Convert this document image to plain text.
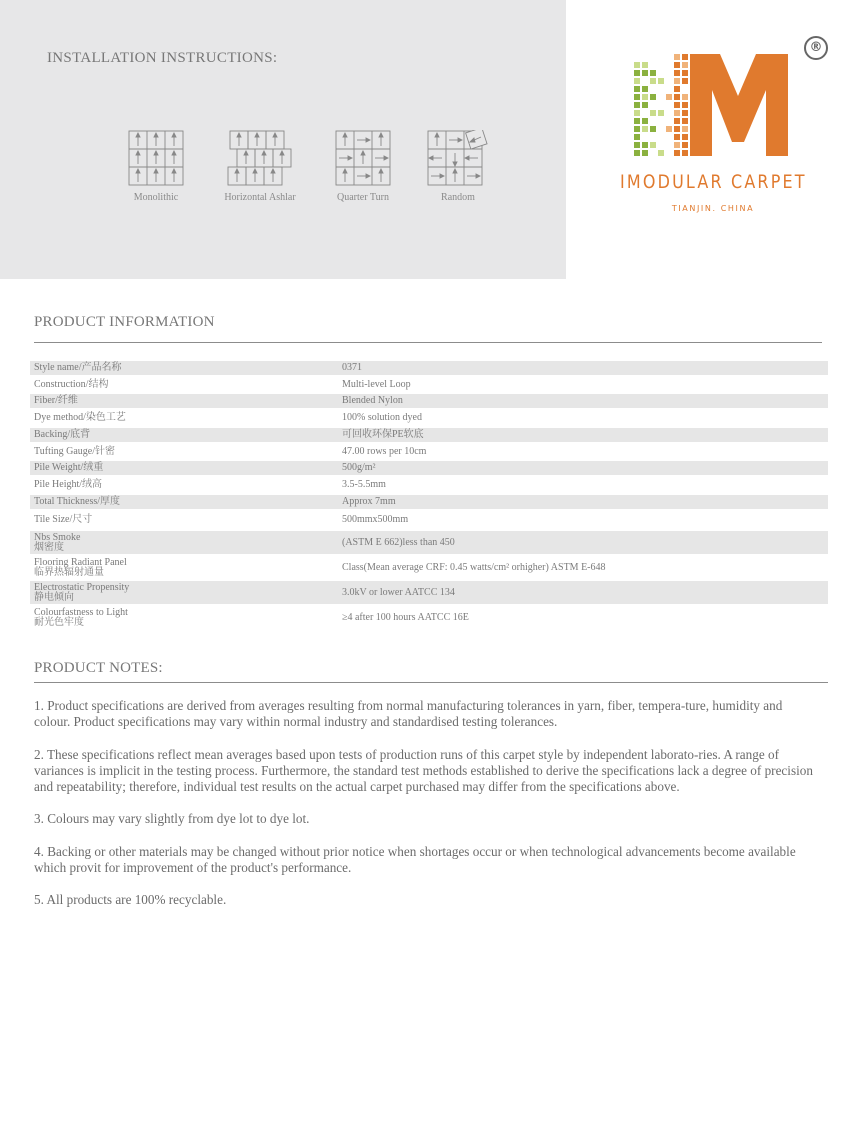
INSTALLATION INSTRUCTIONS:
Monolithic	Horizontal Ashlar	Quarter Turn	Random
®
IMODULAR CARPET
TIANJIN. CHINA
PRODUCT INFORMATION
Style name/产品名称	0371
Construction/结构	Multi-level Loop
Fiber/纤维	Blended Nylon
Dye method/染色工艺	100% solution dyed
Backing/底背	可回收环保PE软底
Tufting Gauge/针密	47.00 rows per 10cm
Pile Weight/绒重	500g/m²
Pile Height/绒高	3.5-5.5mm
Total Thickness/厚度	Approx 7mm
Tile Size/尺寸	500mmx500mm
Nbs Smoke
烟密度	(ASTM E 662)less than 450
Flooring Radiant Panel
临界热辐射通量	Class(Mean average CRF: 0.45 watts/cm² orhigher) ASTM E-648
Electrostatic Propensity
静电倾向	3.0kV or lower AATCC 134
Colourfastness to Light
耐光色牢度	≥4 after 100 hours AATCC 16E
PRODUCT NOTES:

1. Product specifications are derived from averages resulting from normal manufacturing tolerances in yarn, fiber, tempera-ture, humidity and colour. Product specifications may vary within normal industry and standardised testing tolerances.

2. These specifications reflect mean averages based upon tests of production runs of this carpet style by independent laborato-ries. A range of variances is implicit in the testing process. Furthermore, the standard test methods established to derive the specifications lack a degree of precision and repeatability; therefore, individual test results on the actual carpet purchased may differ from the specifications above.

3. Colours may vary slightly from dye lot to dye lot.

4. Backing or other materials may be changed without prior notice when shortages occur or when technological advancements become available which provit for improvement of the product's performance.

5. All products are 100% recyclable.
